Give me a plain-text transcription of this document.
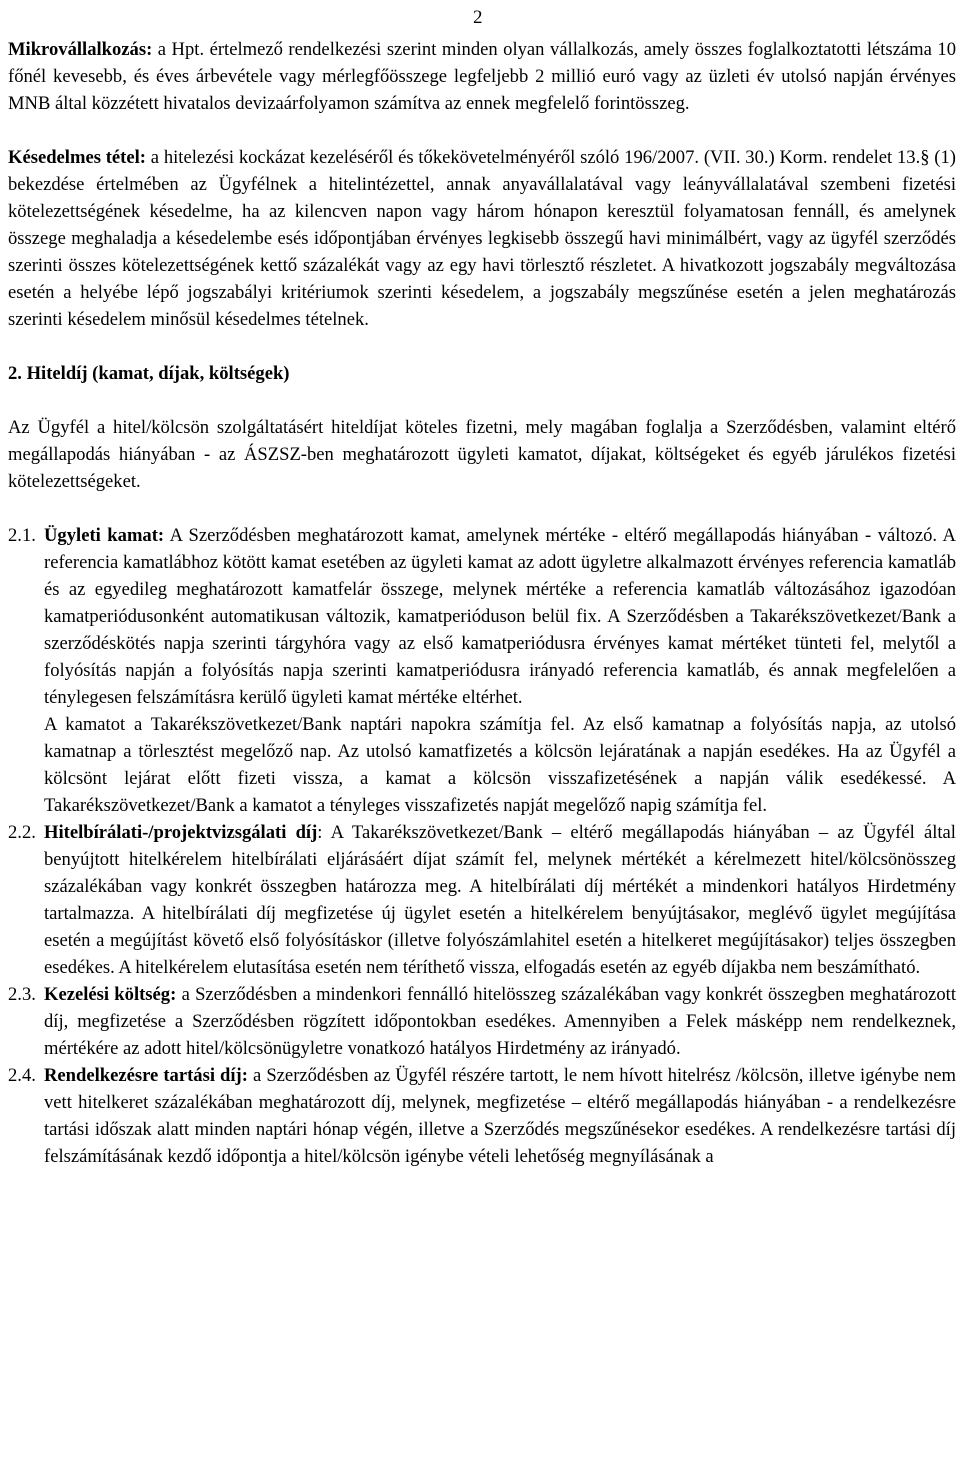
2

Mikrovállalkozás: a Hpt. értelmező rendelkezési szerint minden olyan vállalkozás, amely összes foglalkoztatotti létszáma 10 főnél kevesebb, és éves árbevétele vagy mérlegfőösszege legfeljebb 2 millió euró vagy az üzleti év utolsó napján érvényes MNB által közzétett hivatalos devizaárfolyamon számítva az ennek megfelelő forintösszeg.

Késedelmes tétel: a hitelezési kockázat kezeléséről és tőkekövetelményéről szóló 196/2007. (VII. 30.) Korm. rendelet 13.§ (1) bekezdése értelmében az Ügyfélnek a hitelintézettel, annak anyavállalatával vagy leányvállalatával szembeni fizetési kötelezettségének késedelme, ha az kilencven napon vagy három hónapon keresztül folyamatosan fennáll, és amelynek összege meghaladja a késedelembe esés időpontjában érvényes legkisebb összegű havi minimálbért, vagy az ügyfél szerződés szerinti összes kötelezettségének kettő százalékát vagy az egy havi törlesztő részletet. A hivatkozott jogszabály megváltozása esetén a helyébe lépő jogszabályi kritériumok szerinti késedelem, a jogszabály megszűnése esetén a jelen meghatározás szerinti késedelem minősül késedelmes tételnek.

2. Hiteldíj (kamat, díjak, költségek)

Az Ügyfél a hitel/kölcsön szolgáltatásért hiteldíjat köteles fizetni, mely magában foglalja a Szerződésben, valamint eltérő megállapodás hiányában - az ÁSZSZ-ben meghatározott ügyleti kamatot, díjakat, költségeket és egyéb járulékos fizetési kötelezettségeket.

2.1. Ügyleti kamat: A Szerződésben meghatározott kamat, amelynek mértéke - eltérő megállapodás hiányában - változó. A referencia kamatlábhoz kötött kamat esetében az ügyleti kamat az adott ügyletre alkalmazott érvényes referencia kamatláb és az egyedileg meghatározott kamatfelár összege, melynek mértéke a referencia kamatláb változásához igazodóan kamatperiódusonként automatikusan változik, kamatperióduson belül fix. A Szerződésben a Takarékszövetkezet/Bank a szerződéskötés napja szerinti tárgyhóra vagy az első kamatperiódusra érvényes kamat mértéket tünteti fel, melytől a folyósítás napján a folyósítás napja szerinti kamatperiódusra irányadó referencia kamatláb, és annak megfelelően a ténylegesen felszámításra kerülő ügyleti kamat mértéke eltérhet.

A kamatot a Takarékszövetkezet/Bank naptári napokra számítja fel. Az első kamatnap a folyósítás napja, az utolsó kamatnap a törlesztést megelőző nap. Az utolsó kamatfizetés a kölcsön lejáratának a napján esedékes. Ha az Ügyfél a kölcsönt lejárat előtt fizeti vissza, a kamat a kölcsön visszafizetésének a napján válik esedékessé. A Takarékszövetkezet/Bank a kamatot a tényleges visszafizetés napját megelőző napig számítja fel.

2.2. Hitelbírálati-/projektvizsgálati díj: A Takarékszövetkezet/Bank – eltérő megállapodás hiányában – az Ügyfél által benyújtott hitelkérelem hitelbírálati eljárásáért díjat számít fel, melynek mértékét a kérelmezett hitel/kölcsönösszeg százalékában vagy konkrét összegben határozza meg. A hitelbírálati díj mértékét a mindenkori hatályos Hirdetmény tartalmazza. A hitelbírálati díj megfizetése új ügylet esetén a hitelkérelem benyújtásakor, meglévő ügylet megújítása esetén a megújítást követő első folyósításkor (illetve folyószámlahitel esetén a hitelkeret megújításakor) teljes összegben esedékes. A hitelkérelem elutasítása esetén nem téríthető vissza, elfogadás esetén az egyéb díjakba nem beszámítható.
2.3. Kezelési költség: a Szerződésben a mindenkori fennálló hitelösszeg százalékában vagy konkrét összegben meghatározott díj, megfizetése a Szerződésben rögzített időpontokban esedékes. Amennyiben a Felek másképp nem rendelkeznek, mértékére az adott hitel/kölcsönügyletre vonatkozó hatályos Hirdetmény az irányadó.
2.4. Rendelkezésre tartási díj: a Szerződésben az Ügyfél részére tartott, le nem hívott hitelrész /kölcsön, illetve igénybe nem vett hitelkeret százalékában meghatározott díj, melynek, megfizetése – eltérő megállapodás hiányában - a rendelkezésre tartási időszak alatt minden naptári hónap végén, illetve a Szerződés megszűnésekor esedékes. A rendelkezésre tartási díj felszámításának kezdő időpontja a hitel/kölcsön igénybe vételi lehetőség megnyílásának a
